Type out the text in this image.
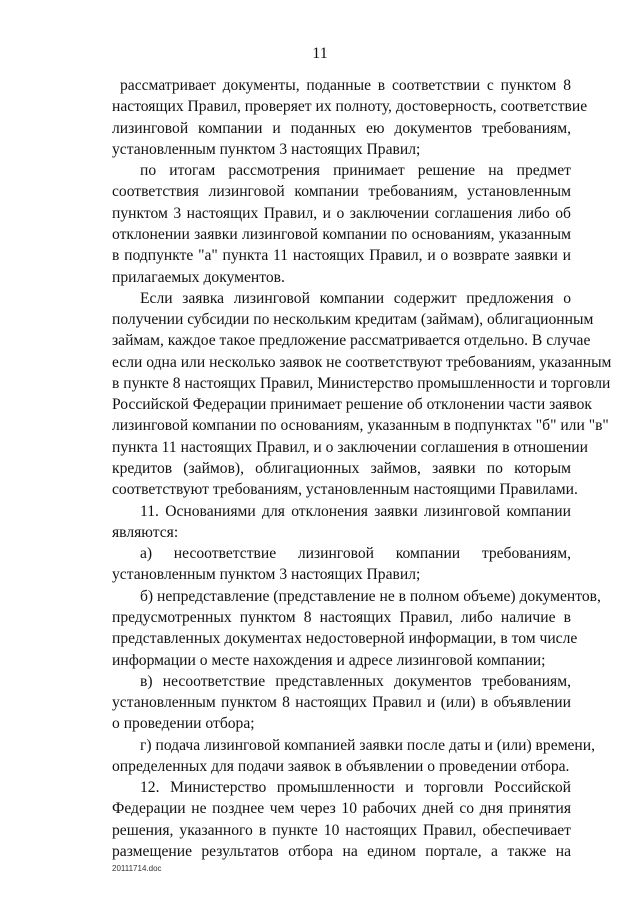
11
рассматривает документы, поданные в соответствии с пунктом 8
настоящих Правил, проверяет их полноту, достоверность, соответствие
лизинговой компании и поданных ею документов требованиям,
установленным пунктом 3 настоящих Правил;
по итогам рассмотрения принимает решение на предмет
соответствия лизинговой компании требованиям, установленным
пунктом 3 настоящих Правил, и о заключении соглашения либо об
отклонении заявки лизинговой компании по основаниям, указанным
в подпункте "а" пункта 11 настоящих Правил, и о возврате заявки и
прилагаемых документов.
Если заявка лизинговой компании содержит предложения о
получении субсидии по нескольким кредитам (займам), облигационным
займам, каждое такое предложение рассматривается отдельно. В случае
если одна или несколько заявок не соответствуют требованиям, указанным
в пункте 8 настоящих Правил, Министерство промышленности и торговли
Российской Федерации принимает решение об отклонении части заявок
лизинговой компании по основаниям, указанным в подпунктах "б" или "в"
пункта 11 настоящих Правил, и о заключении соглашения в отношении
кредитов (займов), облигационных займов, заявки по которым
соответствуют требованиям, установленным настоящими Правилами.
11. Основаниями для отклонения заявки лизинговой компании
являются:
а) несоответствие лизинговой компании требованиям,
установленным пунктом 3 настоящих Правил;
б) непредставление (представление не в полном объеме) документов,
предусмотренных пунктом 8 настоящих Правил, либо наличие в
представленных документах недостоверной информации, в том числе
информации о месте нахождения и адресе лизинговой компании;
в) несоответствие представленных документов требованиям,
установленным пунктом 8 настоящих Правил и (или) в объявлении
о проведении отбора;
г) подача лизинговой компанией заявки после даты и (или) времени,
определенных для подачи заявок в объявлении о проведении отбора.
12. Министерство промышленности и торговли Российской
Федерации не позднее чем через 10 рабочих дней со дня принятия
решения, указанного в пункте 10 настоящих Правил, обеспечивает
размещение результатов отбора на едином портале, а также на
20111714.doc
